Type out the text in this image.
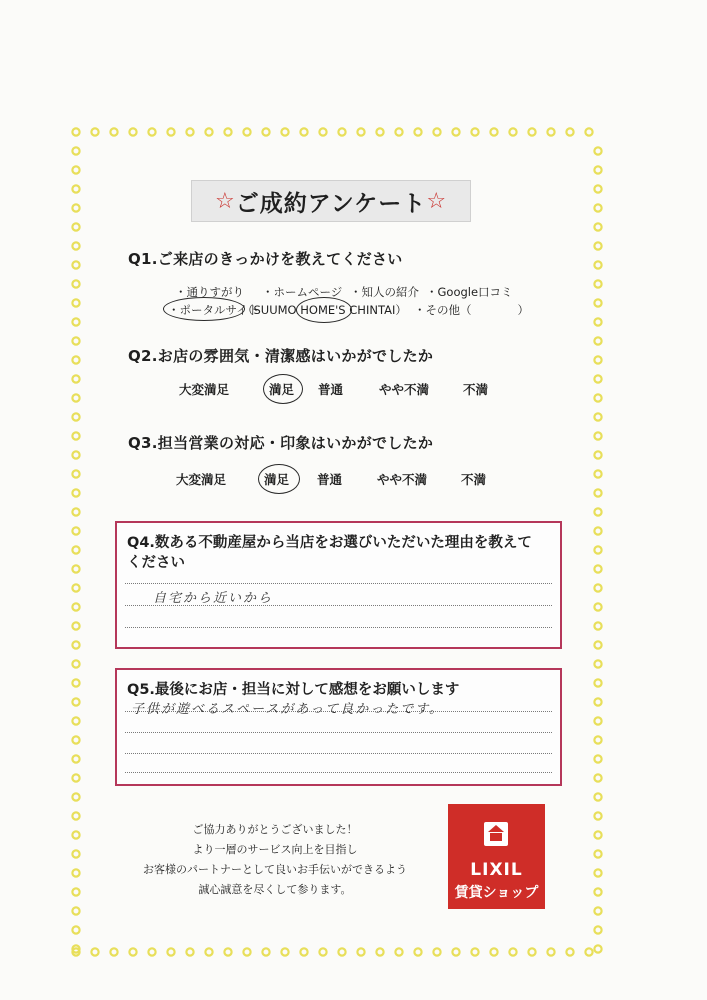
☆ ご成約アンケート ☆
Q1.ご来店のきっかけを教えてください
・通りすがり ・ホームページ ・知人の紹介 ・Google口コミ
・ポータルサイト
（SUUMO HOME'S CHINTAI） ・その他（　　　　）
Q2.お店の雰囲気・清潔感はいかがでしたか
大変満足	満足 普通	やや不満	不満
Q3.担当営業の対応・印象はいかがでしたか
大変満足	満足 普通	やや不満	不満
Q4.数ある不動産屋から当店をお選びいただいた理由を教えて
ください
自宅から近いから
Q5.最後にお店・担当に対して感想をお願いします
子供が遊べるスペースがあって良かったです。
ご協力ありがとうございました！
より一層のサービス向上を目指し
お客様のパートナーとして良いお手伝いができるよう
誠心誠意を尽くして参ります。
LIXIL
賃貸ショップ
